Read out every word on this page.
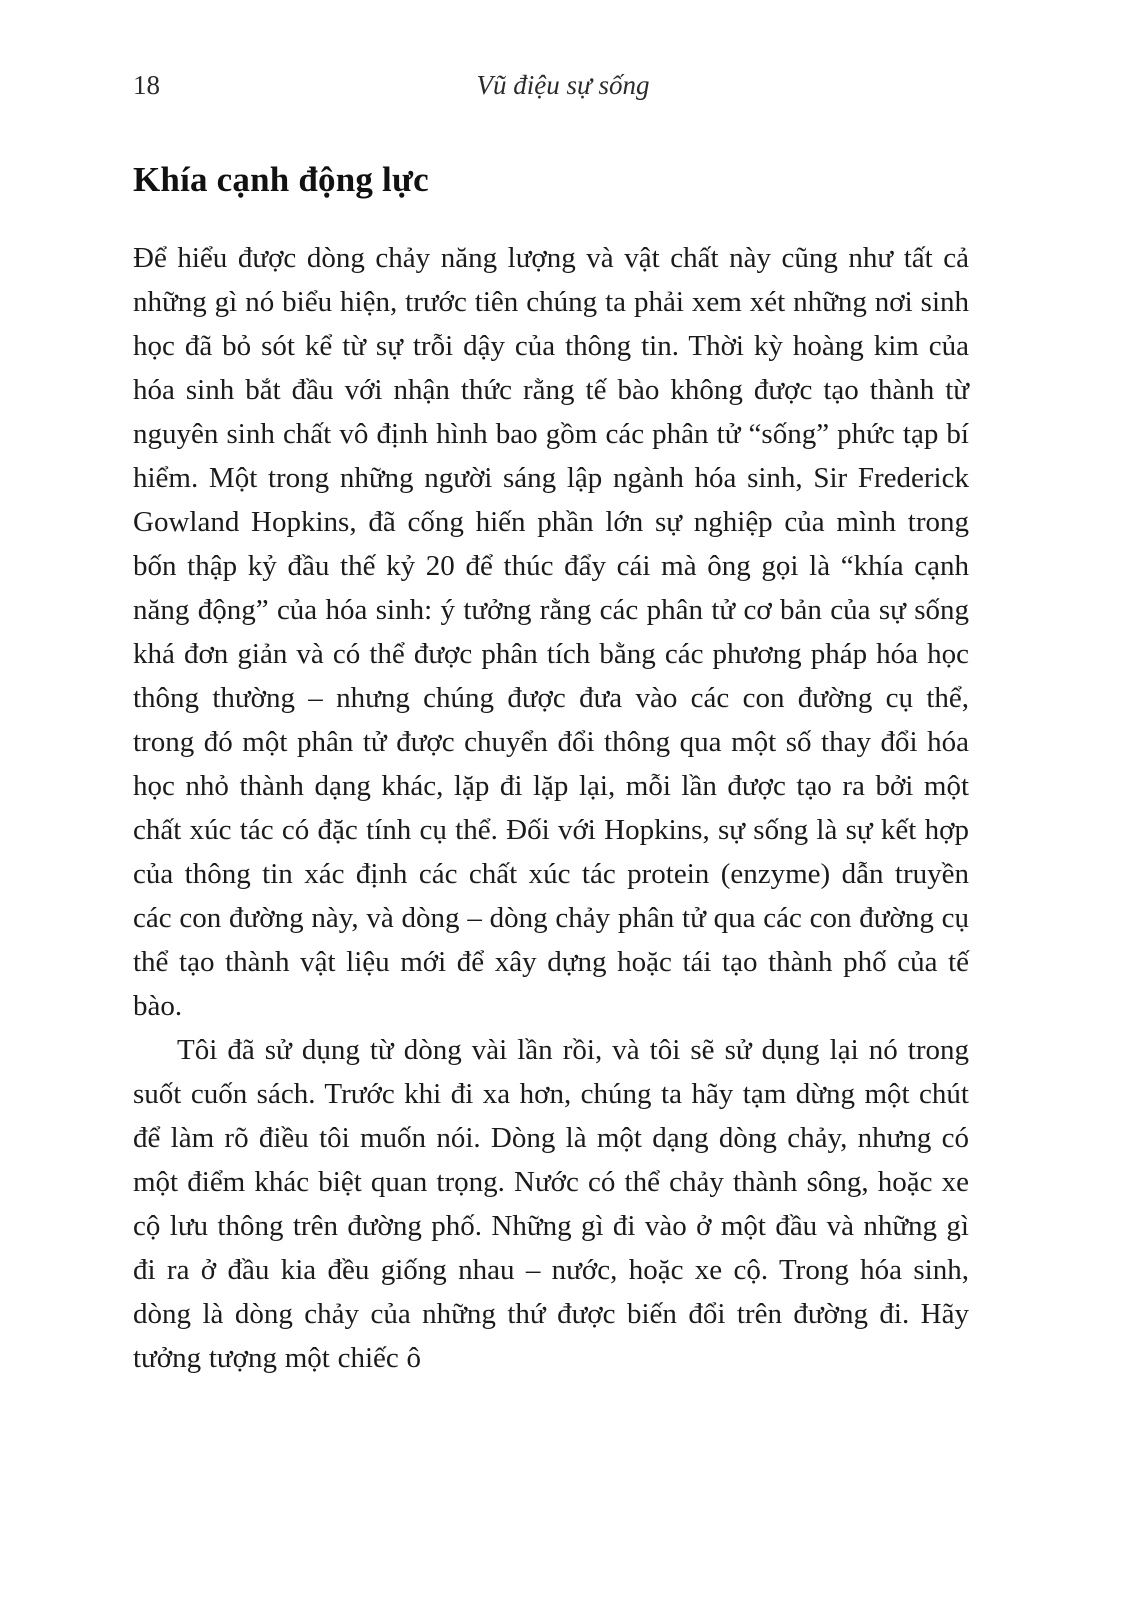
18	Vũ điệu sự sống
Khía cạnh động lực

Để hiểu được dòng chảy năng lượng và vật chất này cũng như tất cả những gì nó biểu hiện, trước tiên chúng ta phải xem xét những nơi sinh học đã bỏ sót kể từ sự trỗi dậy của thông tin. Thời kỳ hoàng kim của hóa sinh bắt đầu với nhận thức rằng tế bào không được tạo thành từ nguyên sinh chất vô định hình bao gồm các phân tử “sống” phức tạp bí hiểm. Một trong những người sáng lập ngành hóa sinh, Sir Frederick Gowland Hopkins, đã cống hiến phần lớn sự nghiệp của mình trong bốn thập kỷ đầu thế kỷ 20 để thúc đẩy cái mà ông gọi là “khía cạnh năng động” của hóa sinh: ý tưởng rằng các phân tử cơ bản của sự sống khá đơn giản và có thể được phân tích bằng các phương pháp hóa học thông thường – nhưng chúng được đưa vào các con đường cụ thể, trong đó một phân tử được chuyển đổi thông qua một số thay đổi hóa học nhỏ thành dạng khác, lặp đi lặp lại, mỗi lần được tạo ra bởi một chất xúc tác có đặc tính cụ thể. Đối với Hopkins, sự sống là sự kết hợp của thông tin xác định các chất xúc tác protein (enzyme) dẫn truyền các con đường này, và dòng – dòng chảy phân tử qua các con đường cụ thể tạo thành vật liệu mới để xây dựng hoặc tái tạo thành phố của tế bào.

Tôi đã sử dụng từ dòng vài lần rồi, và tôi sẽ sử dụng lại nó trong suốt cuốn sách. Trước khi đi xa hơn, chúng ta hãy tạm dừng một chút để làm rõ điều tôi muốn nói. Dòng là một dạng dòng chảy, nhưng có một điểm khác biệt quan trọng. Nước có thể chảy thành sông, hoặc xe cộ lưu thông trên đường phố. Những gì đi vào ở một đầu và những gì đi ra ở đầu kia đều giống nhau – nước, hoặc xe cộ. Trong hóa sinh, dòng là dòng chảy của những thứ được biến đổi trên đường đi. Hãy tưởng tượng một chiếc ô
